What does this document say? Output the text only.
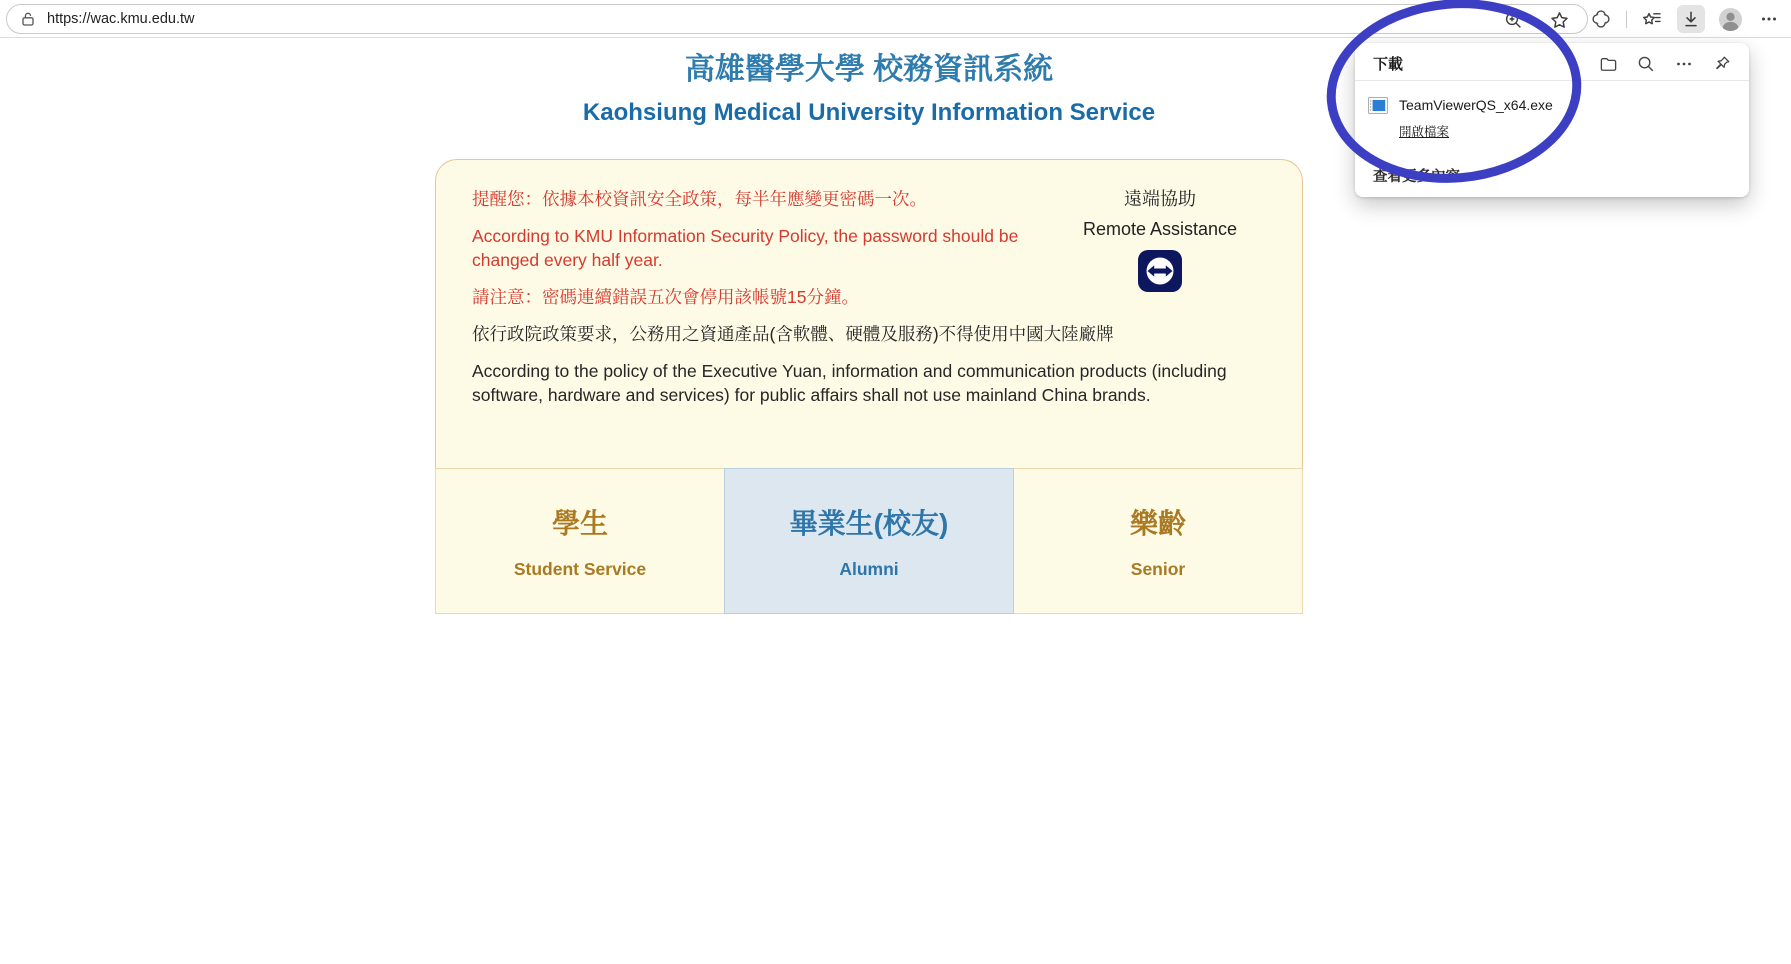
https://wac.kmu.edu.tw
高雄醫學大學 校務資訊系統
Kaohsiung Medical University Information Service
遠端協助
Remote Assistance

提醒您：依據本校資訊安全政策，每半年應變更密碼一次。

According to KMU Information Security Policy, the password should be changed every half year.

請注意：密碼連續錯誤五次會停用該帳號15分鐘。

依行政院政策要求，公務用之資通產品(含軟體、硬體及服務)不得使用中國大陸廠牌

According to the policy of the Executive Yuan, information and communication products (including software, hardware and services) for public affairs shall not use mainland China brands.

學生
Student Service
畢業生(校友)
Alumni
樂齡
Senior
下載
TeamViewerQS_x64.exe
開啟檔案
查看更多內容
